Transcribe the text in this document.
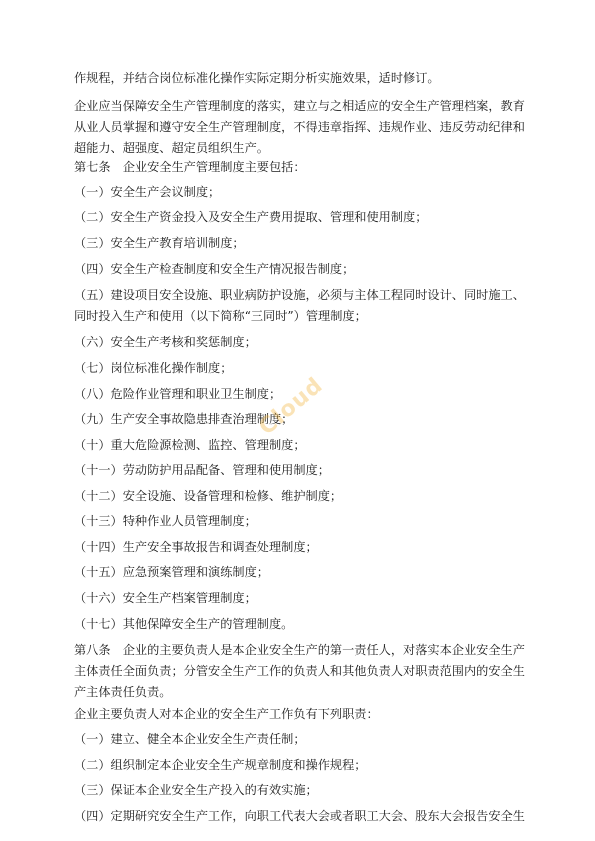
作规程，并结合岗位标准化操作实际定期分析实施效果，适时修订。
企业应当保障安全生产管理制度的落实，建立与之相适应的安全生产管理档案，教育
从业人员掌握和遵守安全生产管理制度，不得违章指挥、违规作业、违反劳动纪律和
超能力、超强度、超定员组织生产。
第七条　企业安全生产管理制度主要包括：
（一）安全生产会议制度；
（二）安全生产资金投入及安全生产费用提取、管理和使用制度；
（三）安全生产教育培训制度；
（四）安全生产检查制度和安全生产情况报告制度；
（五）建设项目安全设施、职业病防护设施，必须与主体工程同时设计、同时施工、
同时投入生产和使用（以下简称“三同时”）管理制度；
（六）安全生产考核和奖惩制度；
（七）岗位标准化操作制度；
（八）危险作业管理和职业卫生制度；
（九）生产安全事故隐患排查治理制度；
（十）重大危险源检测、监控、管理制度；
（十一）劳动防护用品配备、管理和使用制度；
（十二）安全设施、设备管理和检修、维护制度；
（十三）特种作业人员管理制度；
（十四）生产安全事故报告和调查处理制度；
（十五）应急预案管理和演练制度；
（十六）安全生产档案管理制度；
（十七）其他保障安全生产的管理制度。
第八条　企业的主要负责人是本企业安全生产的第一责任人，对落实本企业安全生产
主体责任全面负责；分管安全生产工作的负责人和其他负责人对职责范围内的安全生
产主体责任负责。
企业主要负责人对本企业的安全生产工作负有下列职责：
（一）建立、健全本企业安全生产责任制；
（二）组织制定本企业安全生产规章制度和操作规程；
（三）保证本企业安全生产投入的有效实施；
（四）定期研究安全生产工作，向职工代表大会或者职工大会、股东大会报告安全生
Cloud
